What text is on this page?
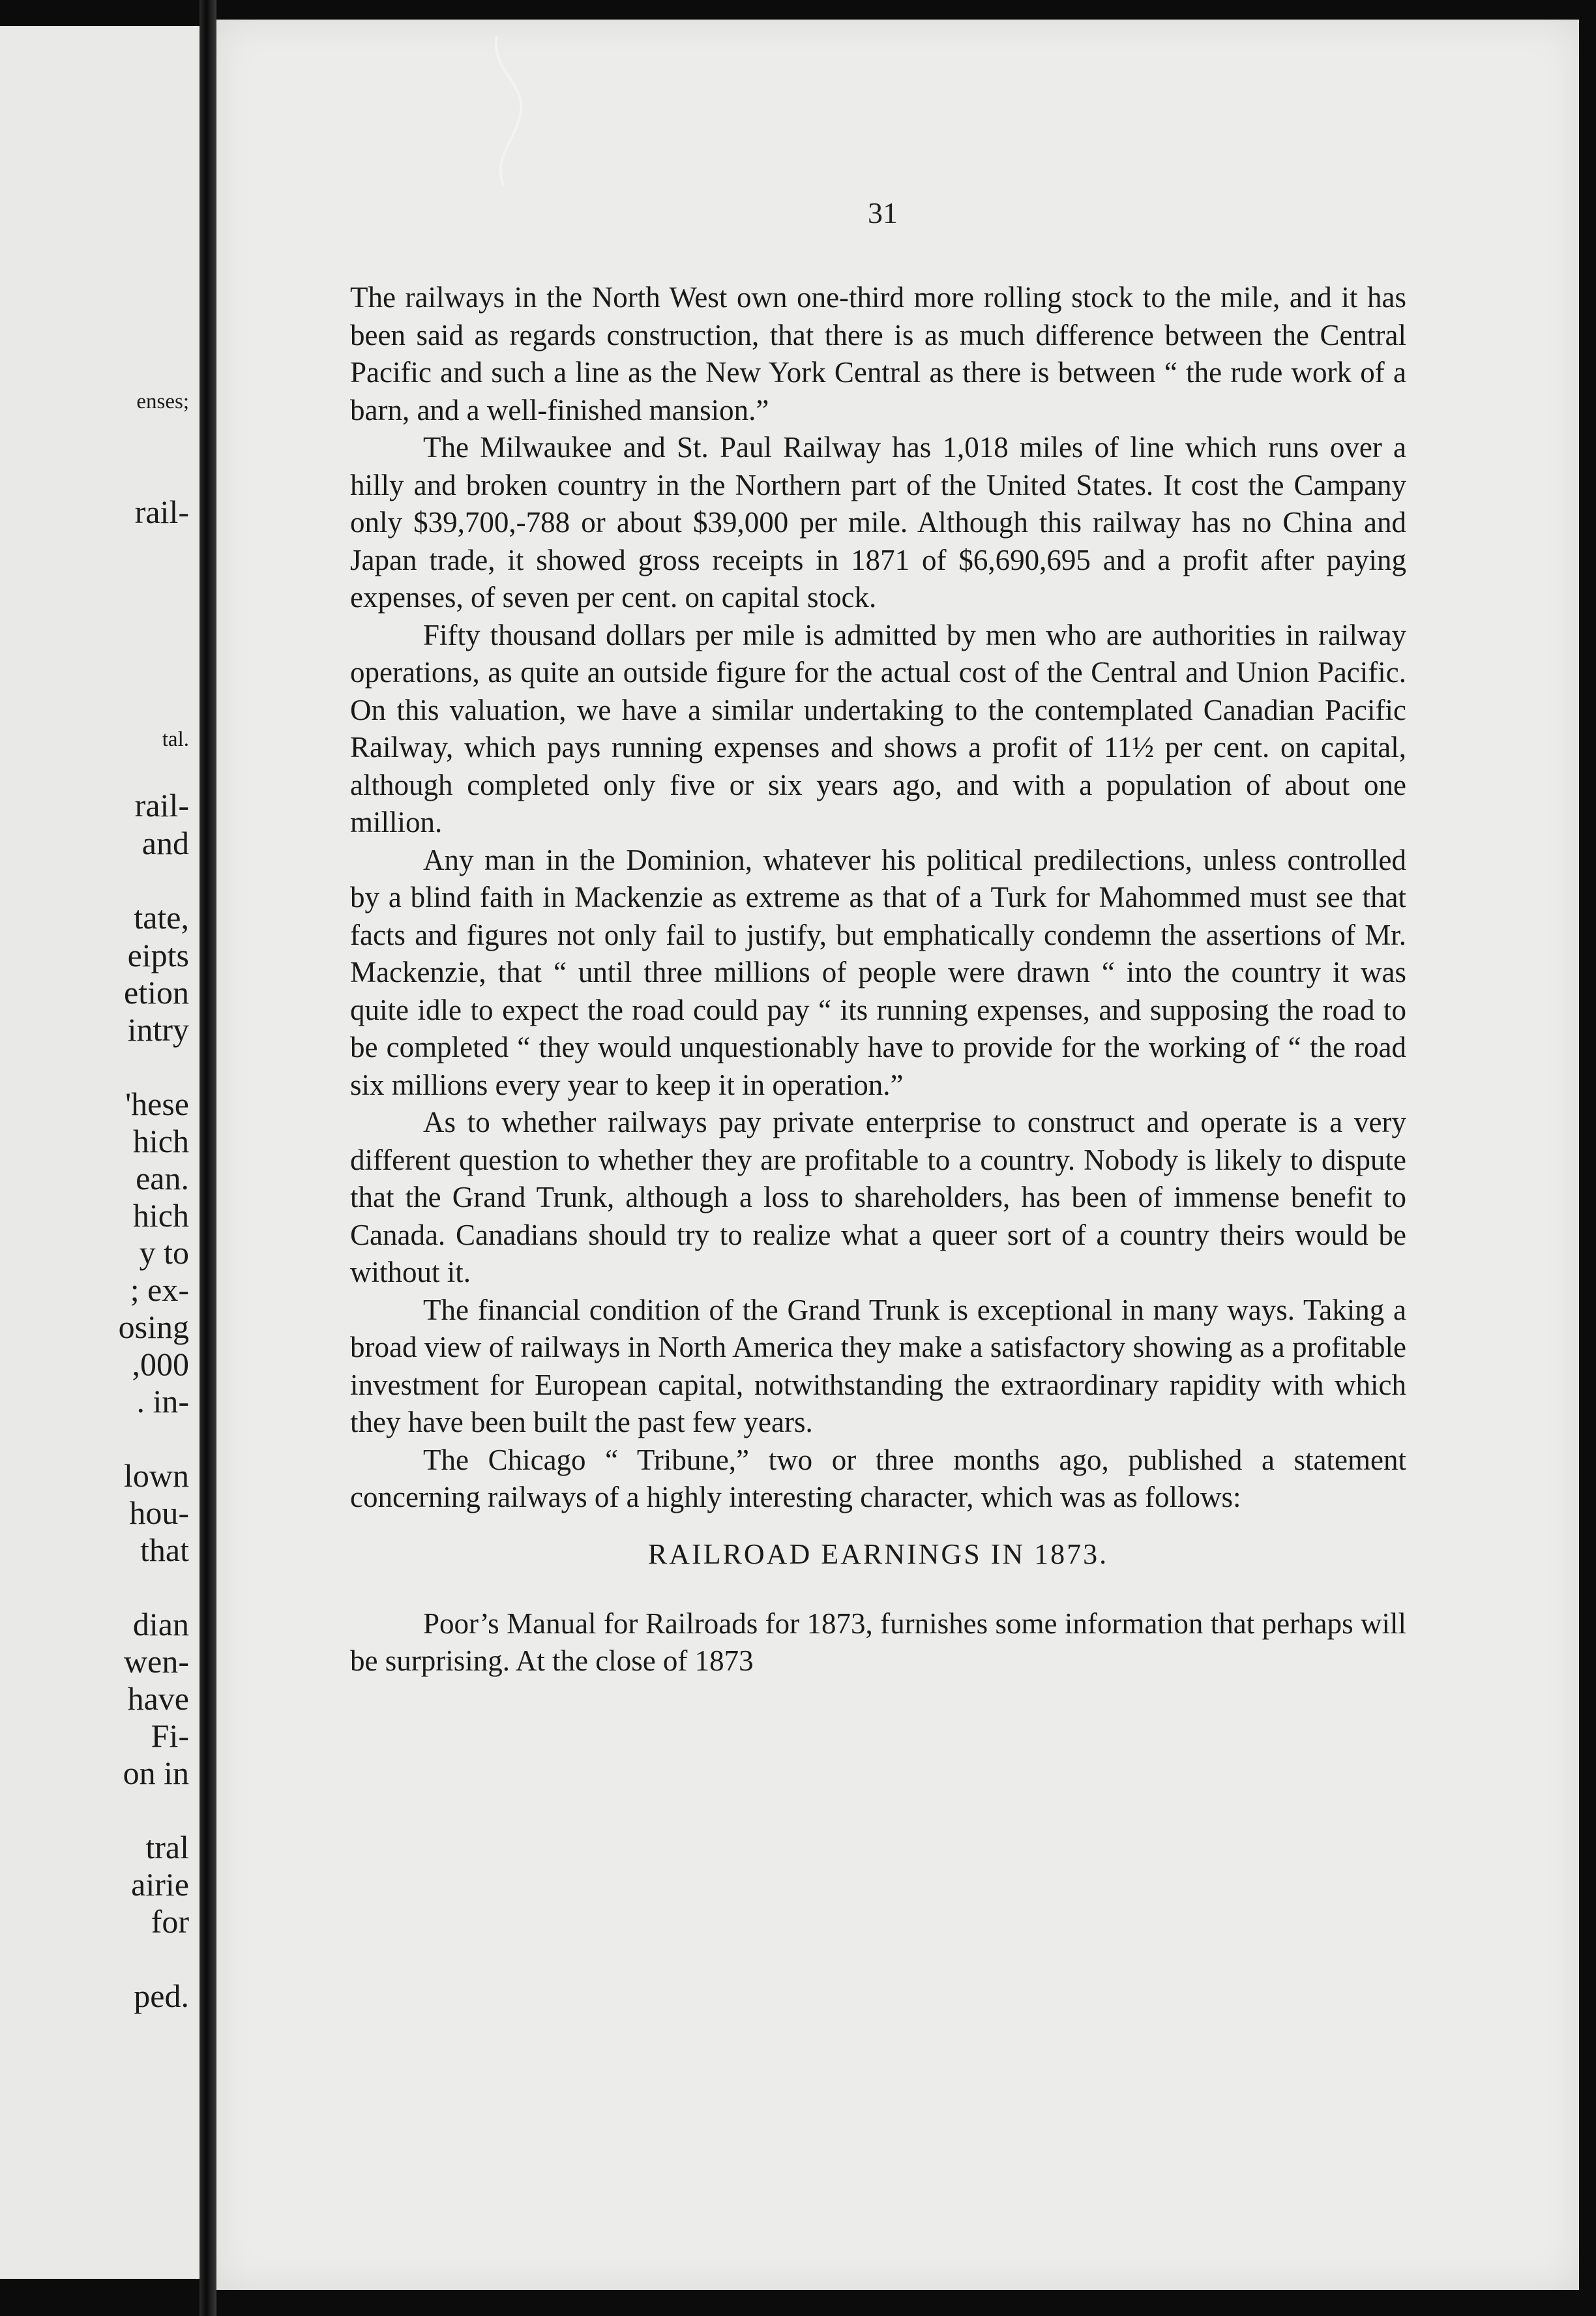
enses;
rail-
tal.
rail-
and
tate,
eipts
etion
intry
'hese
hich
ean.
hich
y to
; ex-
osing
,000
. in-
lown
hou-
that
dian
wen-
have
Fi-
on in
tral
airie
for
ped.
31

The railways in the North West own one-third more rolling stock to the mile, and it has been said as regards construction, that there is as much difference between the Central Pacific and such a line as the New York Central as there is between “ the rude work of a barn, and a well-finished mansion.”

The Milwaukee and St. Paul Railway has 1,018 miles of line which runs over a hilly and broken country in the Northern part of the United States. It cost the Campany only $39,700,-788 or about $39,000 per mile. Although this railway has no China and Japan trade, it showed gross receipts in 1871 of $6,690,695 and a profit after paying expenses, of seven per cent. on capital stock.

Fifty thousand dollars per mile is admitted by men who are authorities in railway operations, as quite an outside figure for the actual cost of the Central and Union Pacific. On this valuation, we have a similar undertaking to the contemplated Canadian Pacific Railway, which pays running expenses and shows a profit of 11½ per cent. on capital, although completed only five or six years ago, and with a population of about one million.

Any man in the Dominion, whatever his political predilections, unless controlled by a blind faith in Mackenzie as extreme as that of a Turk for Mahommed must see that facts and figures not only fail to justify, but emphatically condemn the assertions of Mr. Mackenzie, that “ until three millions of people were drawn “ into the country it was quite idle to expect the road could pay “ its running expenses, and supposing the road to be completed “ they would unquestionably have to provide for the working of “ the road six millions every year to keep it in operation.”

As to whether railways pay private enterprise to construct and operate is a very different question to whether they are profitable to a country. Nobody is likely to dispute that the Grand Trunk, although a loss to shareholders, has been of immense benefit to Canada. Canadians should try to realize what a queer sort of a country theirs would be without it.

The financial condition of the Grand Trunk is exceptional in many ways. Taking a broad view of railways in North America they make a satisfactory showing as a profitable investment for European capital, notwithstanding the extraordinary rapidity with which they have been built the past few years.

The Chicago “ Tribune,” two or three months ago, published a statement concerning railways of a highly interesting character, which was as follows:

RAILROAD EARNINGS IN 1873.

Poor’s Manual for Railroads for 1873, furnishes some information that perhaps will be surprising. At the close of 1873
